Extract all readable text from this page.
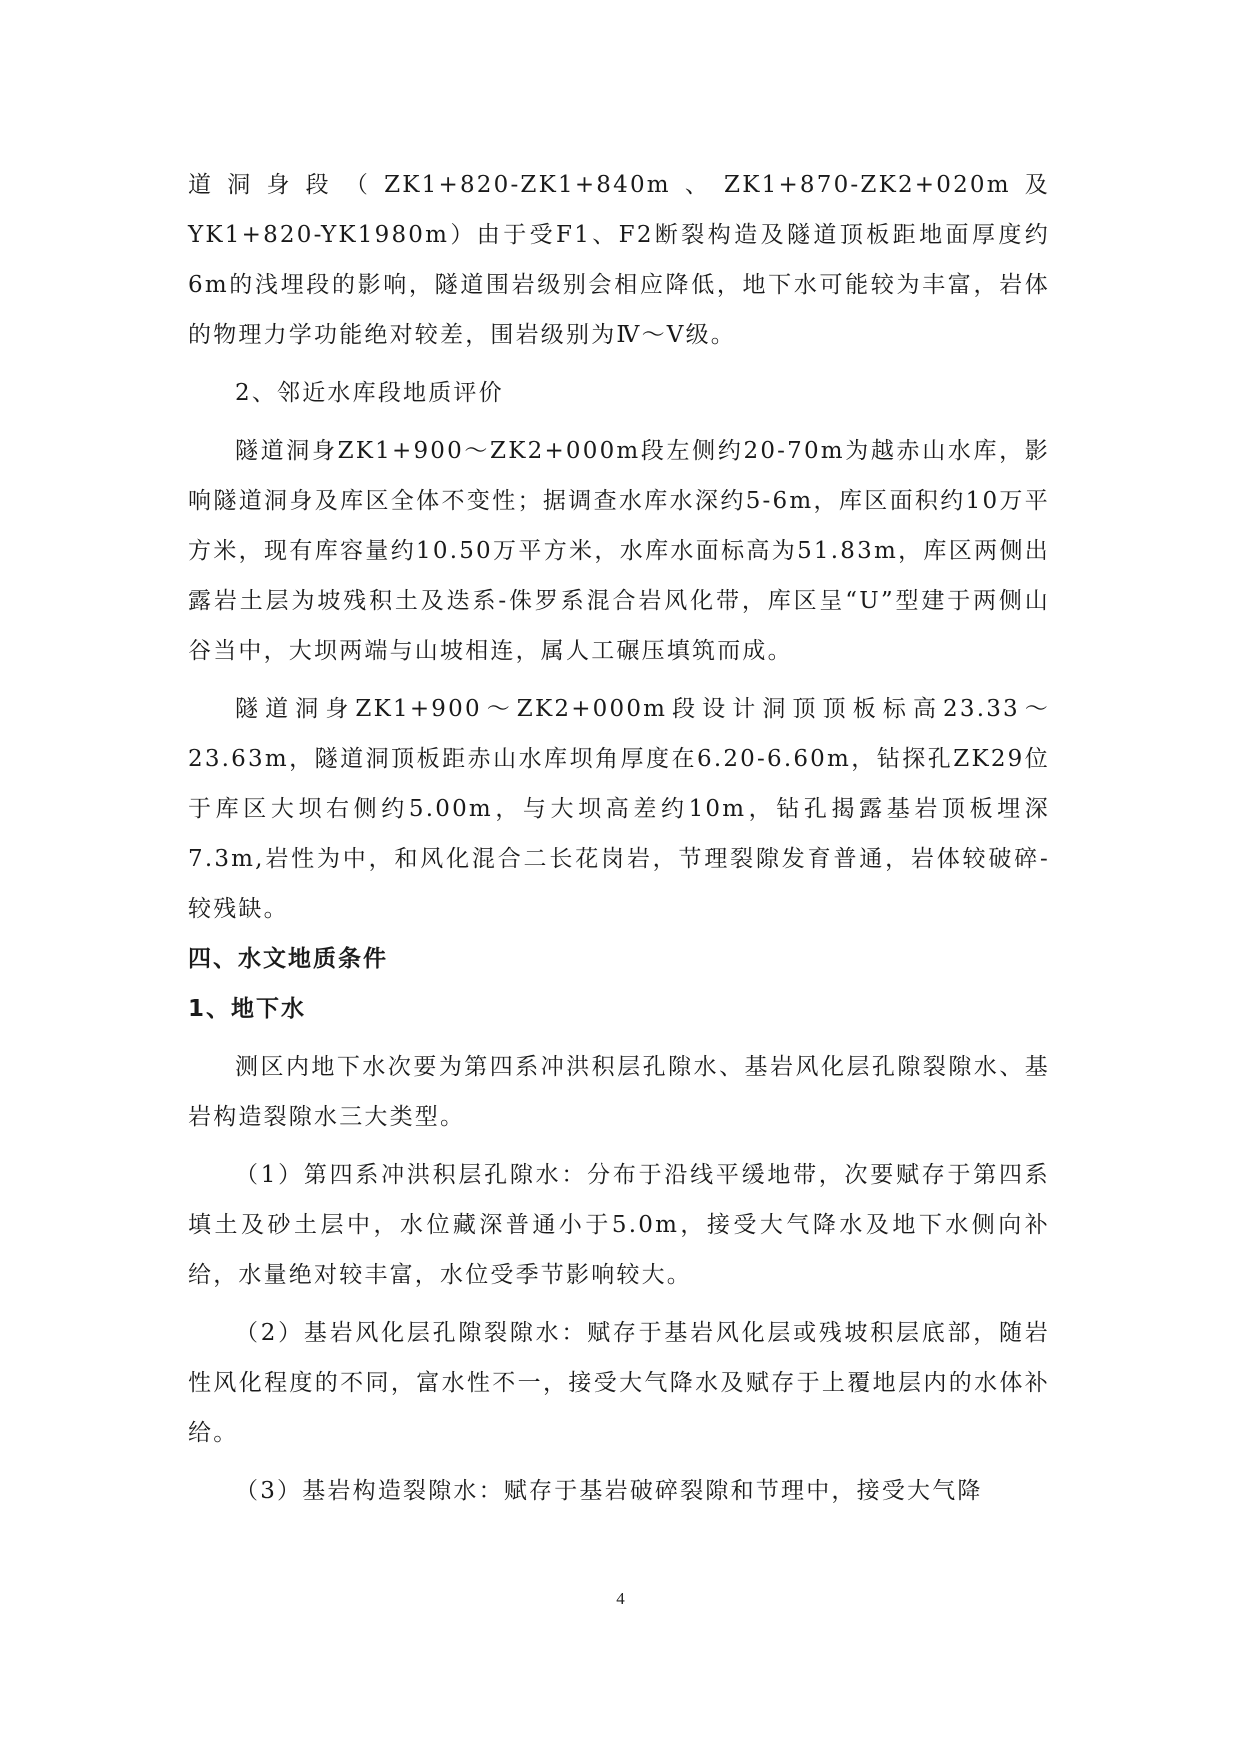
道洞身段（ZK1+820-ZK1+840m、ZK1+870-ZK2+020m及YK1+820-YK1980m）由于受F1、F2断裂构造及隧道顶板距地面厚度约6m的浅埋段的影响，隧道围岩级别会相应降低，地下水可能较为丰富，岩体的物理力学功能绝对较差，围岩级别为Ⅳ～Ⅴ级。

2、邻近水库段地质评价

隧道洞身ZK1+900～ZK2+000m段左侧约20-70m为越赤山水库，影响隧道洞身及库区全体不变性；据调查水库水深约5-6m，库区面积约10万平方米，现有库容量约10.50万平方米，水库水面标高为51.83m，库区两侧出露岩土层为坡残积土及迭系-侏罗系混合岩风化带，库区呈“U”型建于两侧山谷当中，大坝两端与山坡相连，属人工碾压填筑而成。

隧道洞身ZK1+900～ZK2+000m段设计洞顶顶板标高23.33～23.63m，隧道洞顶板距赤山水库坝角厚度在6.20-6.60m，钻探孔ZK29位于库区大坝右侧约5.00m，与大坝高差约10m，钻孔揭露基岩顶板埋深7.3m,岩性为中，和风化混合二长花岗岩，节理裂隙发育普通，岩体较破碎-较残缺。

四、水文地质条件

1、地下水

测区内地下水次要为第四系冲洪积层孔隙水、基岩风化层孔隙裂隙水、基岩构造裂隙水三大类型。

（1）第四系冲洪积层孔隙水：分布于沿线平缓地带，次要赋存于第四系填土及砂土层中，水位藏深普通小于5.0m，接受大气降水及地下水侧向补给，水量绝对较丰富，水位受季节影响较大。

（2）基岩风化层孔隙裂隙水：赋存于基岩风化层或残坡积层底部，随岩性风化程度的不同，富水性不一，接受大气降水及赋存于上覆地层内的水体补给。

（3）基岩构造裂隙水：赋存于基岩破碎裂隙和节理中，接受大气降

4
